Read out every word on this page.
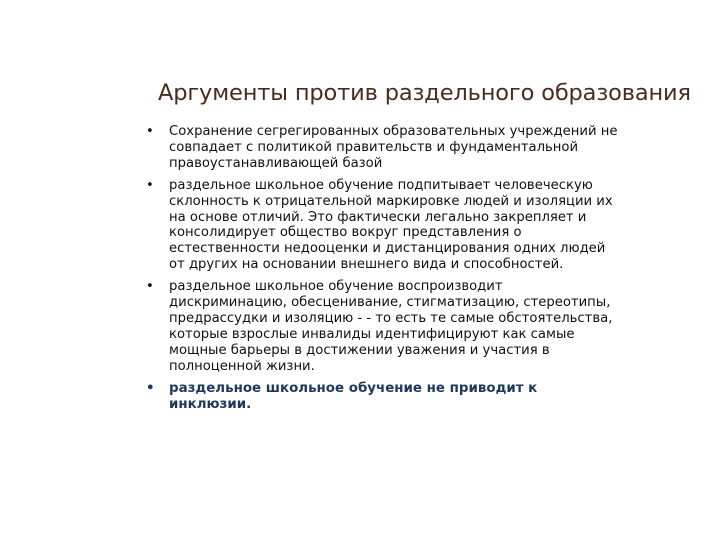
Аргументы против раздельного образования
• Сохранение сегрегированных образовательных учреждений не совпадает с политикой правительств и фундаментальной правоустанавливающей базой
• раздельное школьное обучение подпитывает человеческую склонность к отрицательной маркировке людей и изоляции их на основе отличий. Это фактически легально закрепляет и консолидирует общество вокруг представления о естественности недооценки и дистанцирования одних людей от других на основании внешнего вида и способностей.
• раздельное школьное обучение воспроизводит дискриминацию, обесценивание, стигматизацию, стереотипы, предрассудки и изоляцию - - то есть те самые обстоятельства, которые взрослые инвалиды идентифицируют как самые мощные барьеры в достижении уважения и участия в полноценной жизни.
• раздельное школьное обучение не приводит к инклюзии.
